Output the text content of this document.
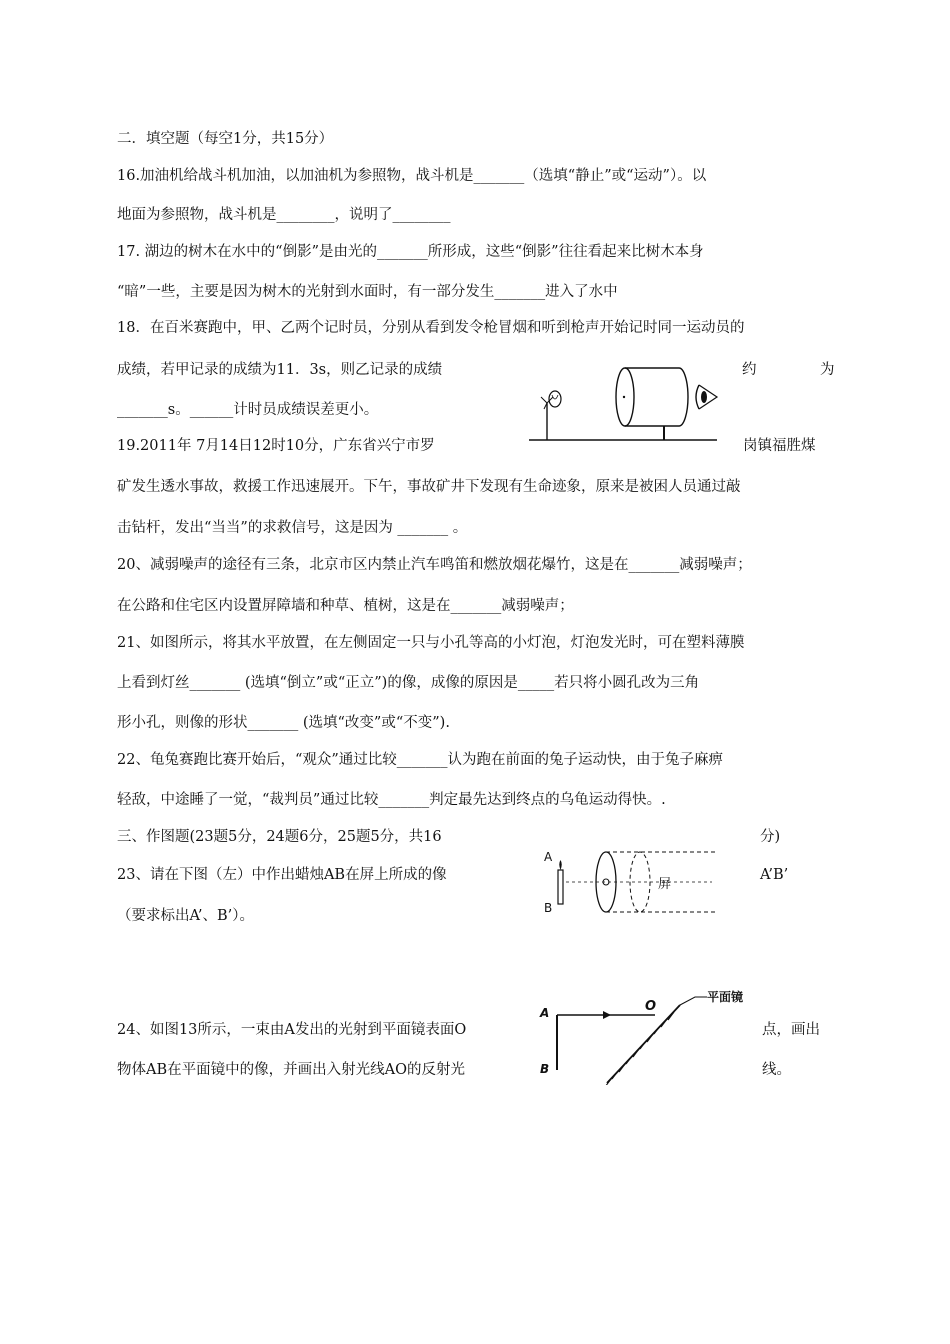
二．填空题（每空1分，共15分）
16.加油机给战斗机加油，以加油机为参照物，战斗机是_______（选填“静止”或“运动”）。以
地面为参照物，战斗机是________，说明了________
17. 湖边的树木在水中的“倒影”是由光的_______所形成，这些“倒影”往往看起来比树木本身
“暗”一些，主要是因为树木的光射到水面时，有一部分发生_______进入了水中
18．在百米赛跑中，甲、乙两个记时员，分别从看到发令枪冒烟和听到枪声开始记时同一运动员的
成绩，若甲记录的成绩为11．3s，则乙记录的成绩	约	为
_______s。______计时员成绩误差更小。
19.2011年 7月14日12时10分，广东省兴宁市罗	岗镇福胜煤
矿发生透水事故，救援工作迅速展开。下午，事故矿井下发现有生命迹象，原来是被困人员通过敲
击钻杆，发出“当当”的求救信号，这是因为 _______ 。
20、减弱噪声的途径有三条，北京市区内禁止汽车鸣笛和燃放烟花爆竹，这是在_______减弱噪声；
在公路和住宅区内设置屏障墙和种草、植树，这是在_______减弱噪声；
21、如图所示，将其水平放置，在左侧固定一只与小孔等高的小灯泡，灯泡发光时，可在塑料薄膜
上看到灯丝_______ (选填“倒立”或“正立”)的像，成像的原因是_____若只将小圆孔改为三角
形小孔，则像的形状_______ (选填“改变”或“不变”).
22、龟兔赛跑比赛开始后，“观众”通过比较_______认为跑在前面的兔子运动快，由于兔子麻痹
轻敌，中途睡了一觉，“裁判员”通过比较_______判定最先达到终点的乌龟运动得快。.
三、作图题(23题5分，24题6分，25题5分，共16	分)
23、请在下图（左）中作出蜡烛AB在屏上所成的像	A’B’
（要求标出A’、B’）。
A
B
屏
24、如图13所示，一束由A发出的光射到平面镜表面O	点，画出
物体AB在平面镜中的像，并画出入射光线AO的反射光	线。
A
B
O
平面镜
